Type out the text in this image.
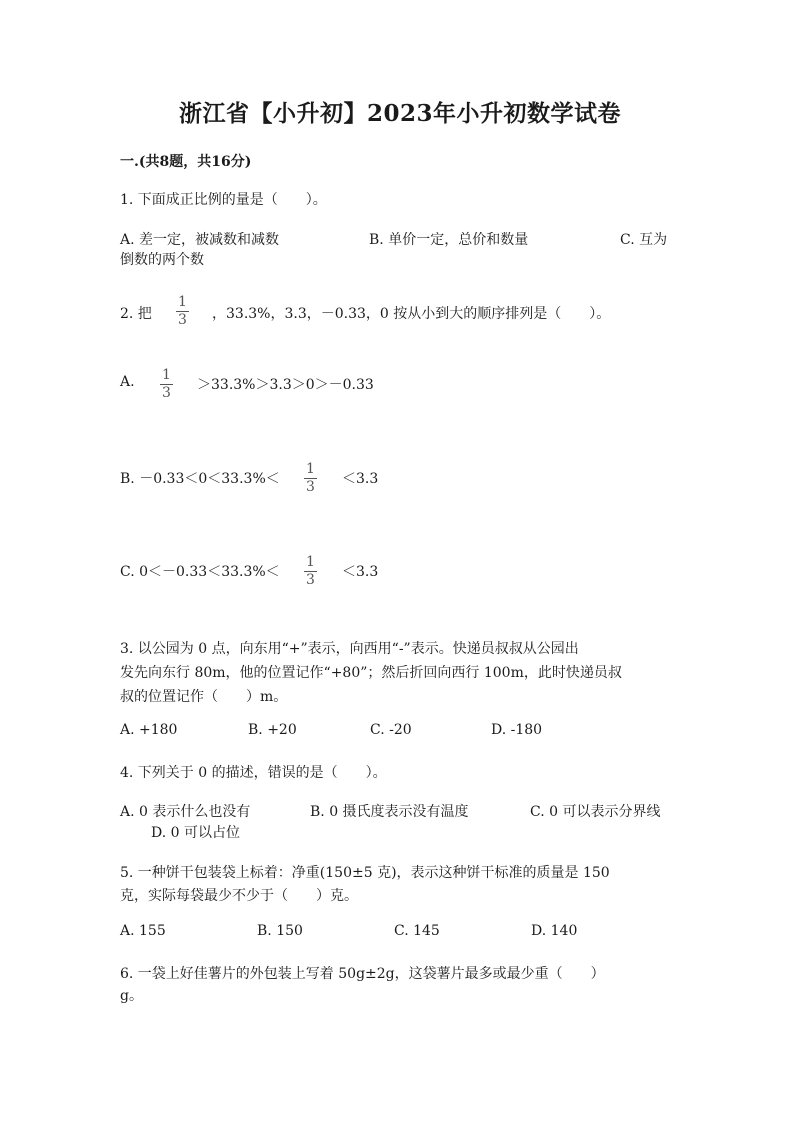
浙江省【小升初】2023年小升初数学试卷
一.(共8题，共16分)
1. 下面成正比例的量是（　　）。
A. 差一定，被减数和减数	B. 单价一定，总价和数量	C. 互为
倒数的两个数
2. 把
1
3 ，33.3%，3.3，－0.33，0 按从小到大的顺序排列是（　　）。
A. 1
3 ＞33.3%＞3.3＞0＞－0.33
B. －0.33＜0＜33.3%＜
1
3 ＜3.3
C. 0＜－0.33＜33.3%＜
1
3 ＜3.3
3. 以公园为 0 点，向东用“+”表示，向西用“-”表示。快递员叔叔从公园出
发先向东行 80m，他的位置记作“+80”；然后折回向西行 100m，此时快递员叔
叔的位置记作（　　）m。
A. +180	B. +20	C. -20	D. -180
4. 下列关于 0 的描述，错误的是（　　）。
A. 0 表示什么也没有	B. 0 摄氏度表示没有温度	C. 0 可以表示分界线
D. 0 可以占位
5. 一种饼干包装袋上标着：净重(150±5 克)，表示这种饼干标准的质量是 150
克，实际每袋最少不少于（　　）克。
A. 155	B. 150	C. 145	D. 140
6. 一袋上好佳薯片的外包装上写着 50g±2g，这袋薯片最多或最少重（　　）
g。
